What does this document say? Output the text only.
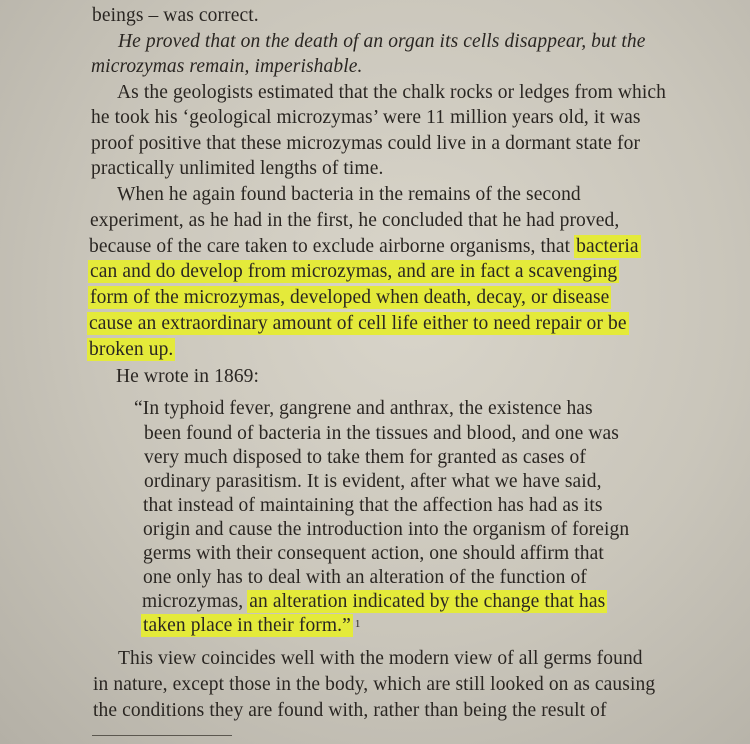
beings – was correct.
He proved that on the death of an organ its cells disappear, but the
microzymas remain, imperishable.
As the geologists estimated that the chalk rocks or ledges from which
he took his ‘geological microzymas’ were 11 million years old, it was
proof positive that these microzymas could live in a dormant state for
practically unlimited lengths of time.
When he again found bacteria in the remains of the second
experiment, as he had in the first, he concluded that he had proved,
because of the care taken to exclude airborne organisms, that bacteria
can and do develop from microzymas, and are in fact a scavenging
form of the microzymas, developed when death, decay, or disease
cause an extraordinary amount of cell life either to need repair or be
broken up.
He wrote in 1869:
“In typhoid fever, gangrene and anthrax, the existence has
been found of bacteria in the tissues and blood, and one was
very much disposed to take them for granted as cases of
ordinary parasitism. It is evident, after what we have said,
that instead of maintaining that the affection has had as its
origin and cause the introduction into the organism of foreign
germs with their consequent action, one should affirm that
one only has to deal with an alteration of the function of
microzymas, an alteration indicated by the change that has
taken place in their form.” $^1$
This view coincides well with the modern view of all germs found
in nature, except those in the body, which are still looked on as causing
the conditions they are found with, rather than being the result of
